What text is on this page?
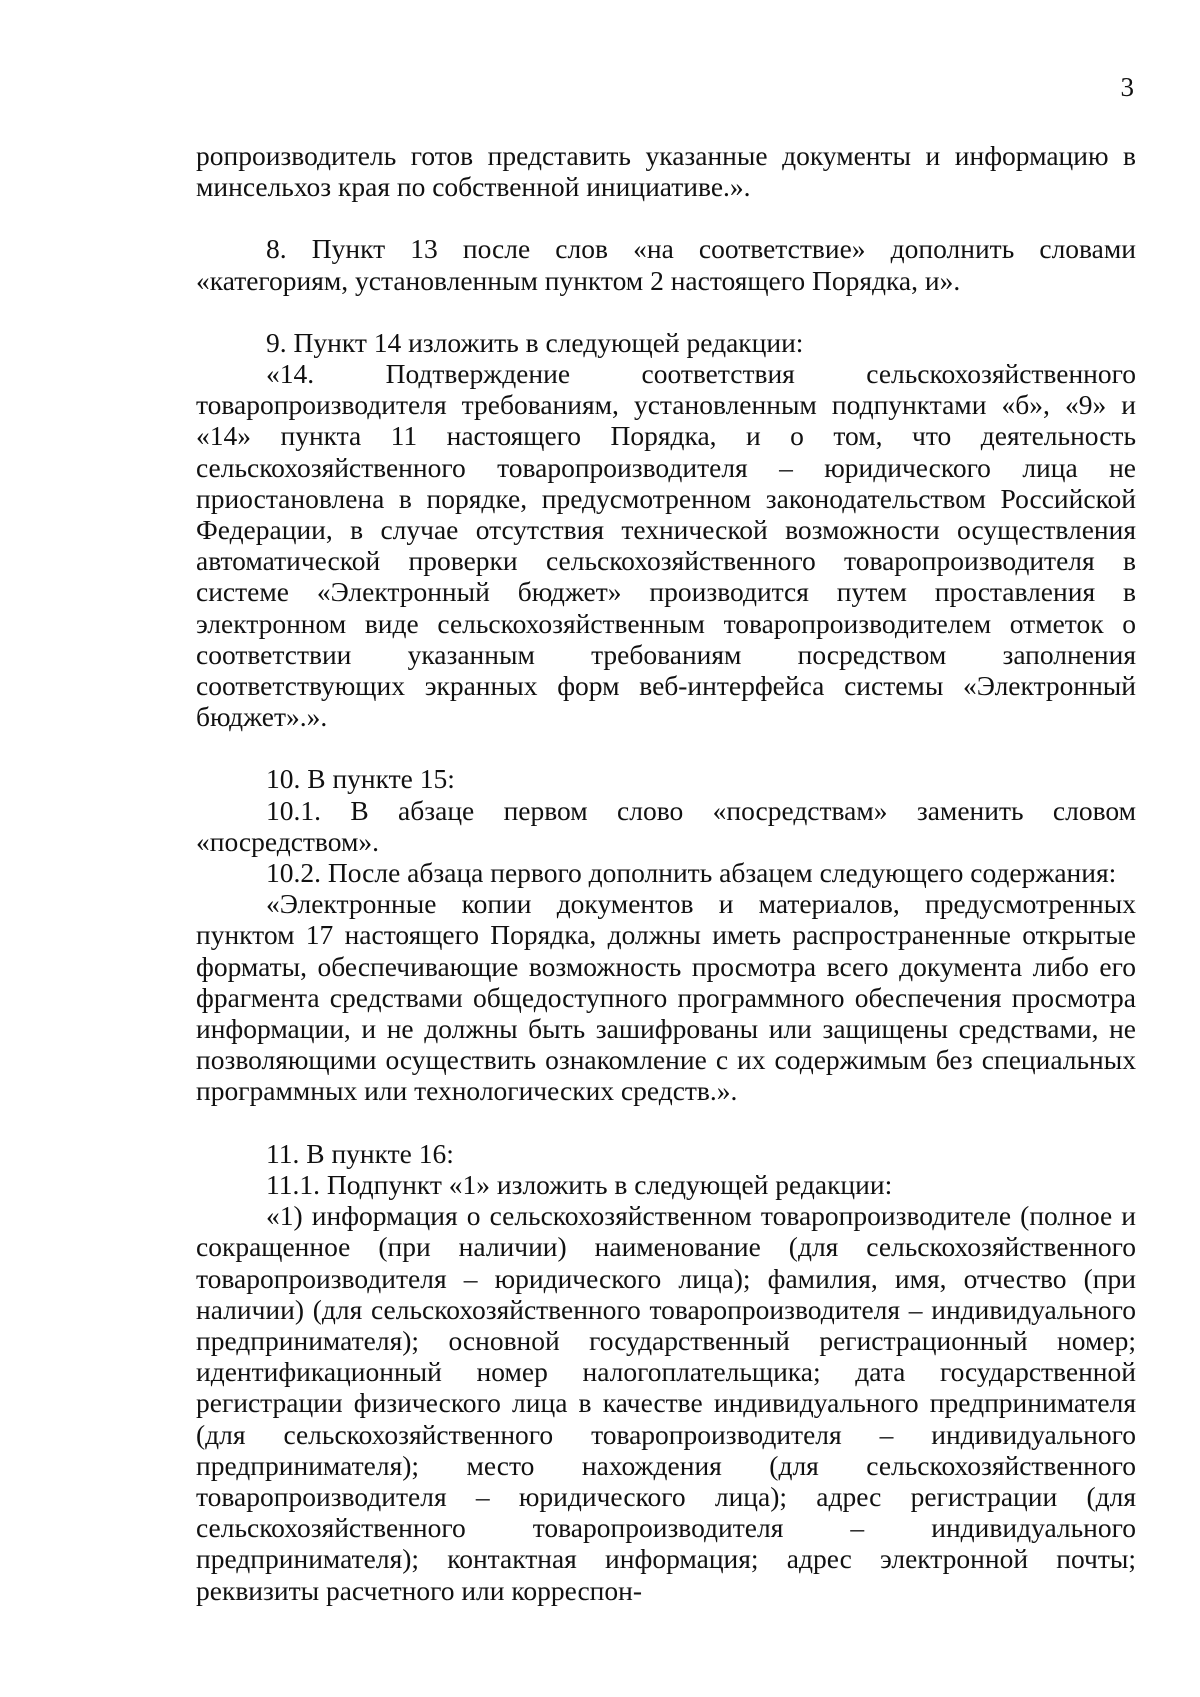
3

ропроизводитель готов представить указанные документы и информацию в минсельхоз края по собственной инициативе.».

8. Пункт 13 после слов «на соответствие» дополнить словами «категориям, установленным пунктом 2 настоящего Порядка, и».

9. Пункт 14 изложить в следующей редакции:

«14. Подтверждение соответствия сельскохозяйственного товаропроизводителя требованиям, установленным подпунктами «б», «9» и «14» пункта 11 настоящего Порядка, и о том, что деятельность сельскохозяйственного товаропроизводителя – юридического лица не приостановлена в порядке, предусмотренном законодательством Российской Федерации, в случае отсутствия технической возможности осуществления автоматической проверки сельскохозяйственного товаропроизводителя в системе «Электронный бюджет» производится путем проставления в электронном виде сельскохозяйственным товаропроизводителем отметок о соответствии указанным требованиям посредством заполнения соответствующих экранных форм веб-интерфейса системы «Электронный бюджет».».

10. В пункте 15:

10.1. В абзаце первом слово «посредствам» заменить словом «посредством».

10.2. После абзаца первого дополнить абзацем следующего содержания:

«Электронные копии документов и материалов, предусмотренных пунктом 17 настоящего Порядка, должны иметь распространенные открытые форматы, обеспечивающие возможность просмотра всего документа либо его фрагмента средствами общедоступного программного обеспечения просмотра информации, и не должны быть зашифрованы или защищены средствами, не позволяющими осуществить ознакомление с их содержимым без специальных программных или технологических средств.».

11. В пункте 16:

11.1. Подпункт «1» изложить в следующей редакции:

«1) информация о сельскохозяйственном товаропроизводителе (полное и сокращенное (при наличии) наименование (для сельскохозяйственного товаропроизводителя – юридического лица); фамилия, имя, отчество (при наличии) (для сельскохозяйственного товаропроизводителя – индивидуального предпринимателя); основной государственный регистрационный номер; идентификационный номер налогоплательщика; дата государственной регистрации физического лица в качестве индивидуального предпринимателя (для сельскохозяйственного товаропроизводителя – индивидуального предпринимателя); место нахождения (для сельскохозяйственного товаропроизводителя – юридического лица); адрес регистрации (для сельскохозяйственного товаропроизводителя – индивидуального предпринимателя); контактная информация; адрес электронной почты; реквизиты расчетного или корреспон-
